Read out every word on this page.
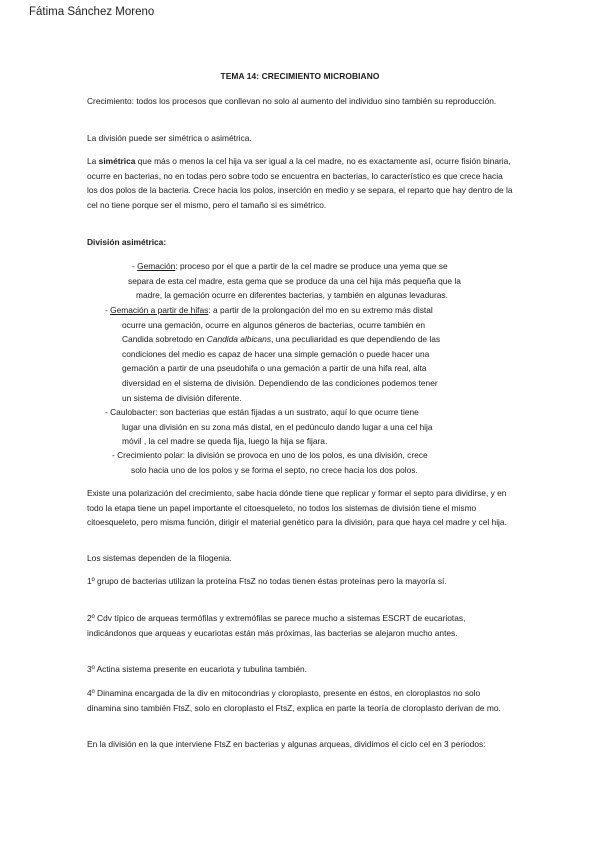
Fátima Sánchez Moreno
TEMA 14: CRECIMIENTO MICROBIANO

Crecimiento: todos los procesos que conllevan no solo al aumento del individuo sino también su reproducción.

La división puede ser simétrica o asimétrica.

La simétrica que más o menos la cel hija va ser igual a la cel madre, no es exactamente así, ocurre fisión binaria, ocurre en bacterias, no en todas pero sobre todo se encuentra en bacterias, lo característico es que crece hacia los dos polos de la bacteria. Crece hacia los polos, inserción en medio y se separa, el reparto que hay dentro de la cel no tiene porque ser el mismo, pero el tamaño si es simétrico.

División asimétrica:

- Gemación: proceso por el que a partir de la cel madre se produce una yema que se
separa de esta cel madre, esta gema que se produce da una cel hija más pequeña que la
madre, la gemación ocurre en diferentes bacterias, y también en algunas levaduras.
- Gemación a partir de hifas: a partir de la prolongación del mo en su extremo más distal
ocurre una gemación, ocurre en algunos géneros de bacterias, ocurre también en
Candida sobretodo en Candida albicans, una peculiaridad es que dependiendo de las
condiciones del medio es capaz de hacer una simple gemación o puede hacer una
gemación a partir de una pseudohifa o una gemación a partir de una hifa real, alta
diversidad en el sistema de división. Dependiendo de las condiciones podemos tener
un sistema de división diferente.
- Caulobacter: son bacterias que están fijadas a un sustrato, aquí lo que ocurre tiene
lugar una división en su zona más distal, en el pedúnculo dando lugar a una cel hija
móvil , la cel madre se queda fija, luego la hija se fijara.
- Crecimiento polar: la división se provoca en uno de los polos, es una división, crece
solo hacia uno de los polos y se forma el septo, no crece hacia los dos polos.

Existe una polarización del crecimiento, sabe hacia dónde tiene que replicar y formar el septo para dividirse, y en todo la etapa tiene un papel importante el citoesqueleto, no todos los sistemas de división tiene el mismo citoesqueleto, pero misma función, dirigir el material genético para la división, para que haya cel madre y cel hija.

Los sistemas dependen de la filogenia.

1º grupo de bacterias utilizan la proteína FtsZ no todas tienen éstas proteínas pero la mayoría sí.

2º Cdv típico de arqueas termófilas y extremófilas se parece mucho a sistemas ESCRT de eucariotas, indicándonos que arqueas y eucariotas están más próximas, las bacterias se alejaron mucho antes.

3º Actina sistema presente en eucariota y tubulina también.

4º Dinamina encargada de la div en mitocondrias y cloroplasto, presente en éstos, en cloroplastos no solo dinamina sino también FtsZ, solo en cloroplasto el FtsZ, explica en parte la teoría de cloroplasto derivan de mo.

En la división en la que interviene FtsZ en bacterias y algunas arqueas, dividimos el ciclo cel en 3 periodos:
